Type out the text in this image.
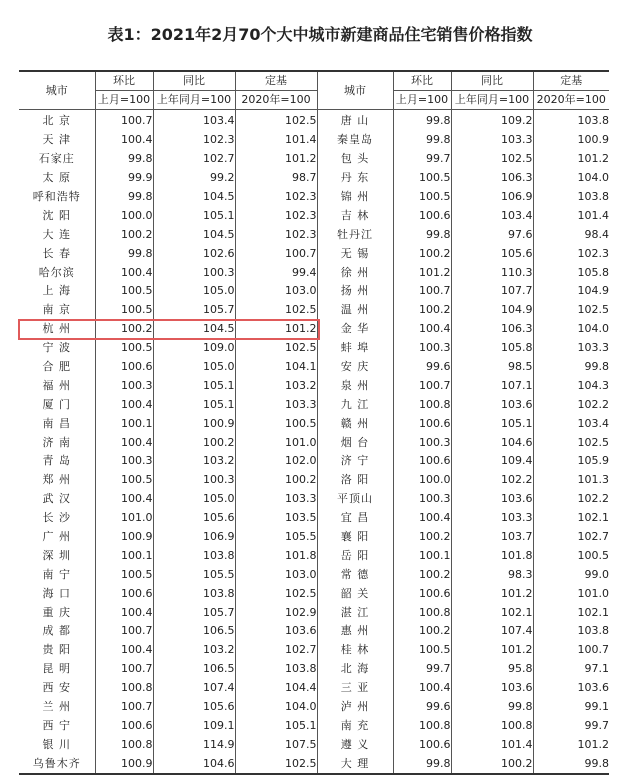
表1：2021年2月70个大中城市新建商品住宅销售价格指数
城市	环比	同比	定基	城市	环比	同比	定基
	上月=100	上年同月=100	2020年=100		上月=100	上年同月=100	2020年=100
北 京	100.7	103.4	102.5	唐 山	99.8	109.2	103.8
天 津	100.4	102.3	101.4	秦皇岛	99.8	103.3	100.9
石家庄	99.8	102.7	101.2	包 头	99.7	102.5	101.2
太 原	99.9	99.2	98.7	丹 东	100.5	106.3	104.0
呼和浩特	99.8	104.5	102.3	锦 州	100.5	106.9	103.8
沈 阳	100.0	105.1	102.3	吉 林	100.6	103.4	101.4
大 连	100.2	104.5	102.3	牡丹江	99.8	97.6	98.4
长 春	99.8	102.6	100.7	无 锡	100.2	105.6	102.3
哈尔滨	100.4	100.3	99.4	徐 州	101.2	110.3	105.8
上 海	100.5	105.0	103.0	扬 州	100.7	107.7	104.9
南 京	100.5	105.7	102.5	温 州	100.2	104.9	102.5
杭 州	100.2	104.5	101.2	金 华	100.4	106.3	104.0
宁 波	100.5	109.0	102.5	蚌 埠	100.3	105.8	103.3
合 肥	100.6	105.0	104.1	安 庆	99.6	98.5	99.8
福 州	100.3	105.1	103.2	泉 州	100.7	107.1	104.3
厦 门	100.4	105.1	103.3	九 江	100.8	103.6	102.2
南 昌	100.1	100.9	100.5	赣 州	100.6	105.1	103.4
济 南	100.4	100.2	101.0	烟 台	100.3	104.6	102.5
青 岛	100.3	103.2	102.0	济 宁	100.6	109.4	105.9
郑 州	100.5	100.3	100.2	洛 阳	100.0	102.2	101.3
武 汉	100.4	105.0	103.3	平顶山	100.3	103.6	102.2
长 沙	101.0	105.6	103.5	宜 昌	100.4	103.3	102.1
广 州	100.9	106.9	105.5	襄 阳	100.2	103.7	102.7
深 圳	100.1	103.8	101.8	岳 阳	100.1	101.8	100.5
南 宁	100.5	105.5	103.0	常 德	100.2	98.3	99.0
海 口	100.6	103.8	102.5	韶 关	100.6	101.2	101.0
重 庆	100.4	105.7	102.9	湛 江	100.8	102.1	102.1
成 都	100.7	106.5	103.6	惠 州	100.2	107.4	103.8
贵 阳	100.4	103.2	102.7	桂 林	100.5	101.2	100.7
昆 明	100.7	106.5	103.8	北 海	99.7	95.8	97.1
西 安	100.8	107.4	104.4	三 亚	100.4	103.6	103.6
兰 州	100.7	105.6	104.0	泸 州	99.6	99.8	99.1
西 宁	100.6	109.1	105.1	南 充	100.8	100.8	99.7
银 川	100.8	114.9	107.5	遵 义	100.6	101.4	101.2
乌鲁木齐	100.9	104.6	102.5	大 理	99.8	100.2	99.8
